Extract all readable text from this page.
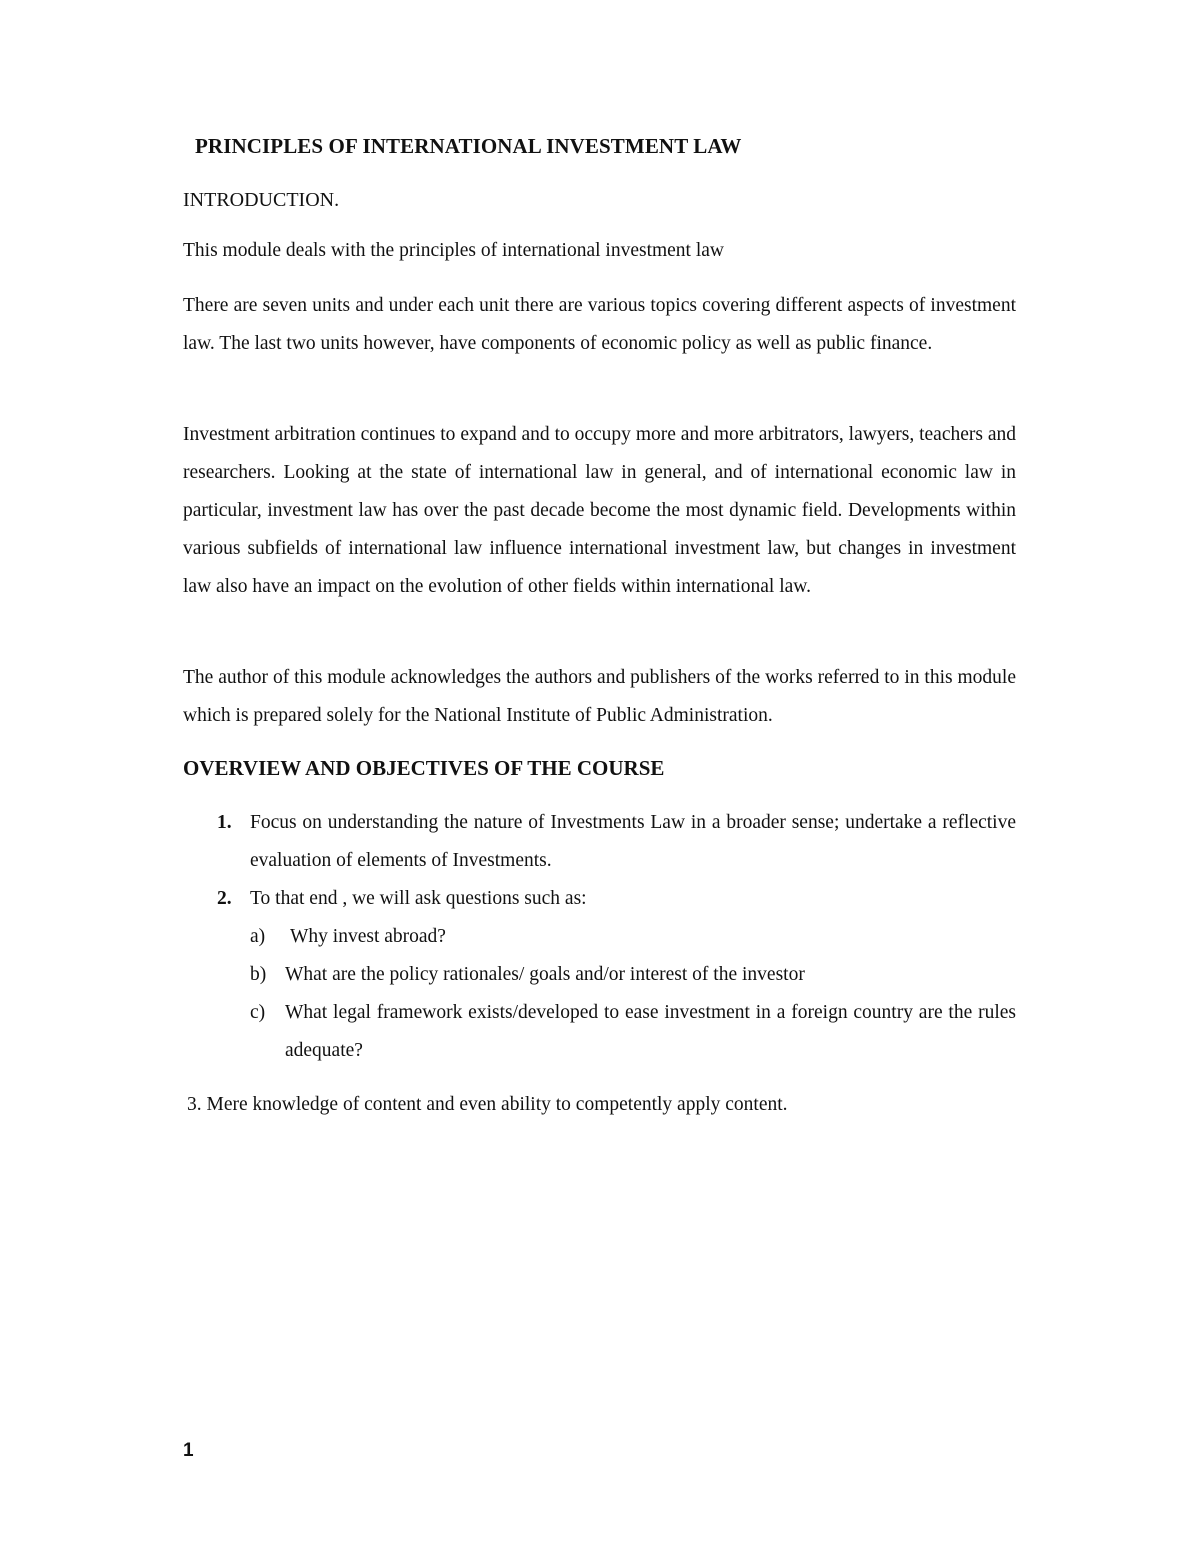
PRINCIPLES OF INTERNATIONAL INVESTMENT LAW
INTRODUCTION.
This module deals with the principles of international investment law
There are seven units and under each unit there are various topics covering different aspects of investment law. The last two units however, have components of economic policy as well as public finance.
Investment arbitration continues to expand and to occupy more and more arbitrators, lawyers, teachers and researchers. Looking at the state of international law in general, and of international economic law in particular, investment law has over the past decade become the most dynamic field. Developments within various subfields of international law influence international investment law, but changes in investment law also have an impact on the evolution of other fields within international law.
The author of this module acknowledges the authors and publishers of the works referred to in this module which is prepared solely for the National Institute of Public Administration.
OVERVIEW AND OBJECTIVES OF THE COURSE
1. Focus on understanding the nature of Investments Law in a broader sense; undertake a reflective evaluation of elements of Investments.
2. To that end , we will ask questions such as:
a) Why invest abroad?
b) What are the policy rationales/ goals and/or interest of the investor
c) What legal framework exists/developed to ease investment in a foreign country are the rules adequate?
3. Mere knowledge of content and even ability to competently apply content.
1
